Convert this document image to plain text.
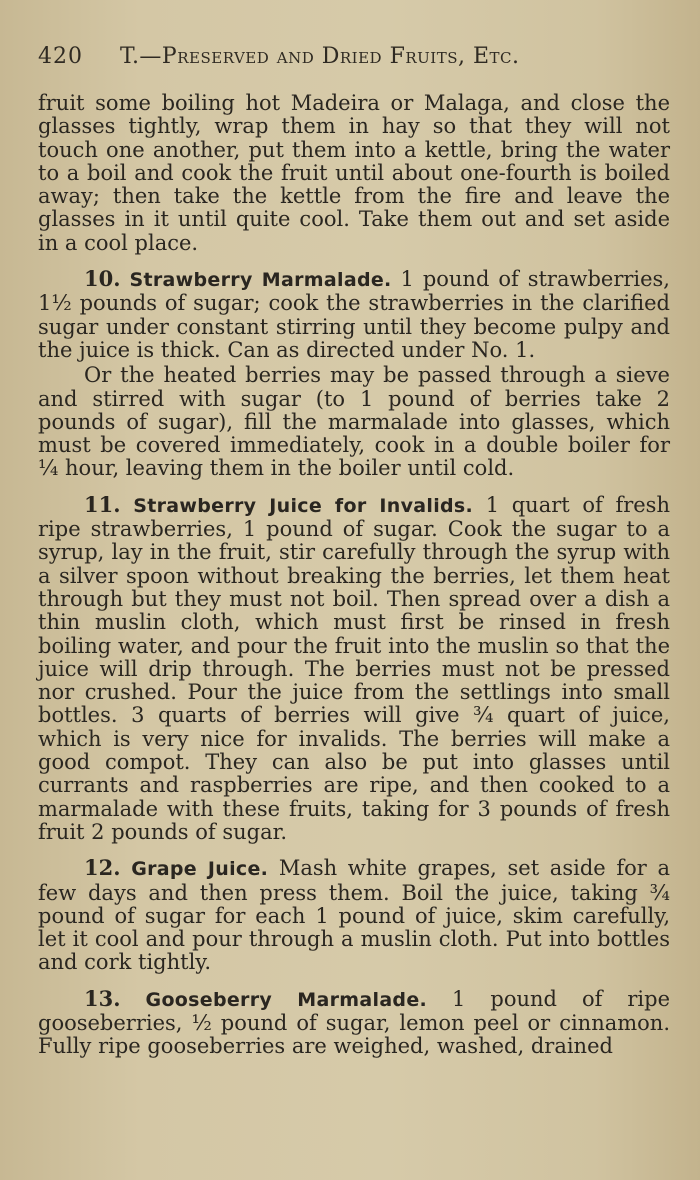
420	T.—Preserved and Dried Fruits, Etc.

fruit some boiling hot Madeira or Malaga, and close the glasses tightly, wrap them in hay so that they will not touch one another, put them into a kettle, bring the water to a boil and cook the fruit until about one-fourth is boiled away; then take the kettle from the fire and leave the glasses in it until quite cool. Take them out and set aside in a cool place.

10. Strawberry Marmalade. 1 pound of strawberries, 1½ pounds of sugar; cook the strawberries in the clarified sugar under constant stirring until they become pulpy and the juice is thick. Can as directed under No. 1.

Or the heated berries may be passed through a sieve and stirred with sugar (to 1 pound of berries take 2 pounds of sugar), fill the marmalade into glasses, which must be covered immediately, cook in a double boiler for ¼ hour, leaving them in the boiler until cold.

11. Strawberry Juice for Invalids. 1 quart of fresh ripe strawberries, 1 pound of sugar. Cook the sugar to a syrup, lay in the fruit, stir carefully through the syrup with a silver spoon without breaking the berries, let them heat through but they must not boil. Then spread over a dish a thin muslin cloth, which must first be rinsed in fresh boiling water, and pour the fruit into the muslin so that the juice will drip through. The berries must not be pressed nor crushed. Pour the juice from the settlings into small bottles. 3 quarts of berries will give ¾ quart of juice, which is very nice for invalids. The berries will make a good compot. They can also be put into glasses until currants and raspberries are ripe, and then cooked to a marmalade with these fruits, taking for 3 pounds of fresh fruit 2 pounds of sugar.

12. Grape Juice. Mash white grapes, set aside for a few days and then press them. Boil the juice, taking ¾ pound of sugar for each 1 pound of juice, skim carefully, let it cool and pour through a muslin cloth. Put into bottles and cork tightly.

13. Gooseberry Marmalade. 1 pound of ripe gooseberries, ½ pound of sugar, lemon peel or cinnamon. Fully ripe gooseberries are weighed, washed, drained
